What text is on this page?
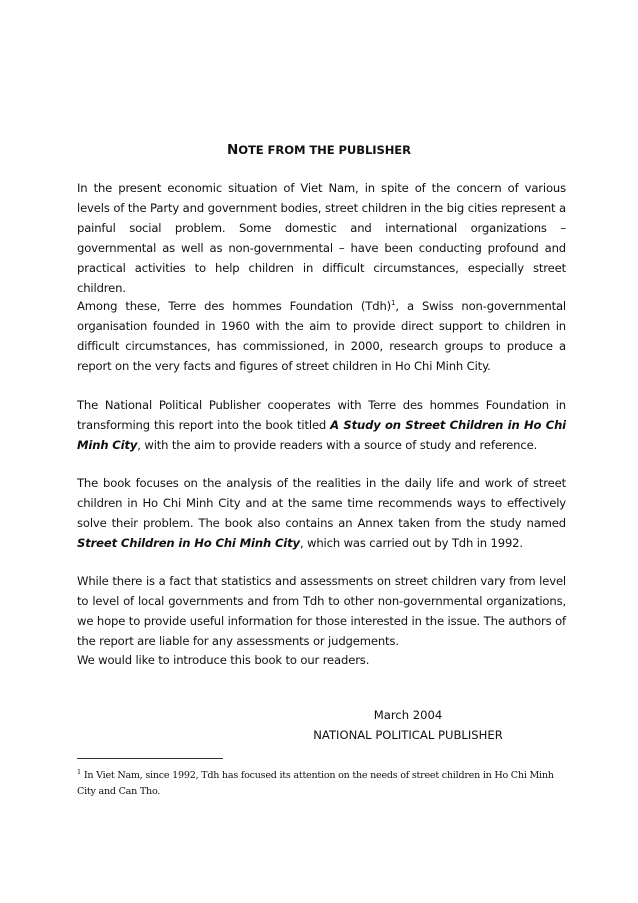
NOTE FROM THE PUBLISHER

In the present economic situation of Viet Nam, in spite of the concern of various levels of the Party and government bodies, street children in the big cities represent a painful social problem. Some domestic and international organizations – governmental as well as non-governmental – have been conducting profound and practical activities to help children in difficult circumstances, especially street children.

Among these, Terre des hommes Foundation (Tdh)$^1$, a Swiss non-governmental organisation founded in 1960 with the aim to provide direct support to children in difficult circumstances, has commissioned, in 2000, research groups to produce a report on the very facts and figures of street children in Ho Chi Minh City.

The National Political Publisher cooperates with Terre des hommes Foundation in transforming this report into the book titled A Study on Street Children in Ho Chi Minh City, with the aim to provide readers with a source of study and reference.

The book focuses on the analysis of the realities in the daily life and work of street children in Ho Chi Minh City and at the same time recommends ways to effectively solve their problem. The book also contains an Annex taken from the study named Street Children in Ho Chi Minh City, which was carried out by Tdh in 1992.

While there is a fact that statistics and assessments on street children vary from level to level of local governments and from Tdh to other non-governmental organizations, we hope to provide useful information for those interested in the issue. The authors of the report are liable for any assessments or judgements.

We would like to introduce this book to our readers.

March 2004
NATIONAL POLITICAL PUBLISHER

$^1$ In Viet Nam, since 1992, Tdh has focused its attention on the needs of street children in Ho Chi Minh City and Can Tho.
